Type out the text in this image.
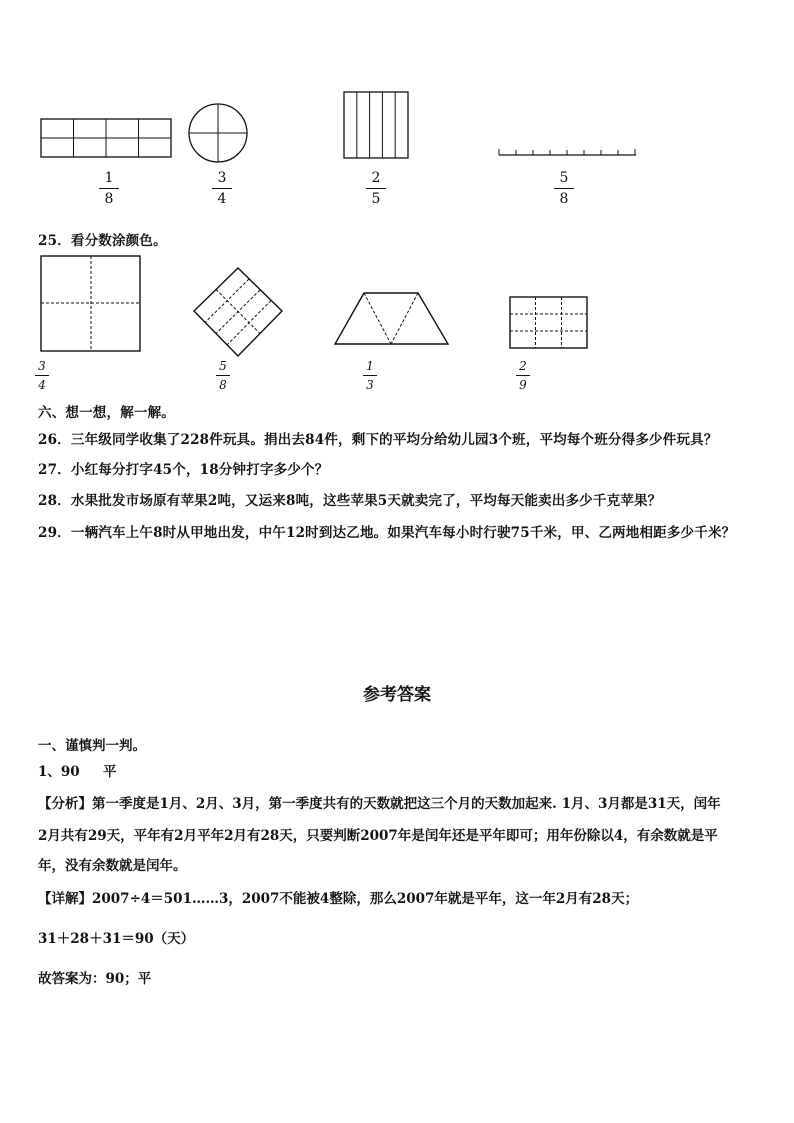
1
8
3
4
2
5
5
8
25．看分数涂颜色。
3
4
5
8
1
3
2
9
六、想一想，解一解。
26．三年级同学收集了228件玩具。捐出去84件，剩下的平均分给幼儿园3个班，平均每个班分得多少件玩具？
27．小红每分打字45个，18分钟打字多少个？
28．水果批发市场原有苹果2吨，又运来8吨，这些苹果5天就卖完了，平均每天能卖出多少千克苹果？
29．一辆汽车上午8时从甲地出发，中午12时到达乙地。如果汽车每小时行驶75千米，甲、乙两地相距多少千米？
参考答案
一、谨慎判一判。
1、90 平
【分析】第一季度是1月、2月、3月，第一季度共有的天数就把这三个月的天数加起来. 1月、3月都是31天，闰年
2月共有29天，平年有2月平年2月有28天，只要判断2007年是闰年还是平年即可；用年份除以4，有余数就是平
年，没有余数就是闰年。
【详解】2007÷4＝501……3，2007不能被4整除，那么2007年就是平年，这一年2月有28天；
31＋28＋31＝90（天）
故答案为：90；平
